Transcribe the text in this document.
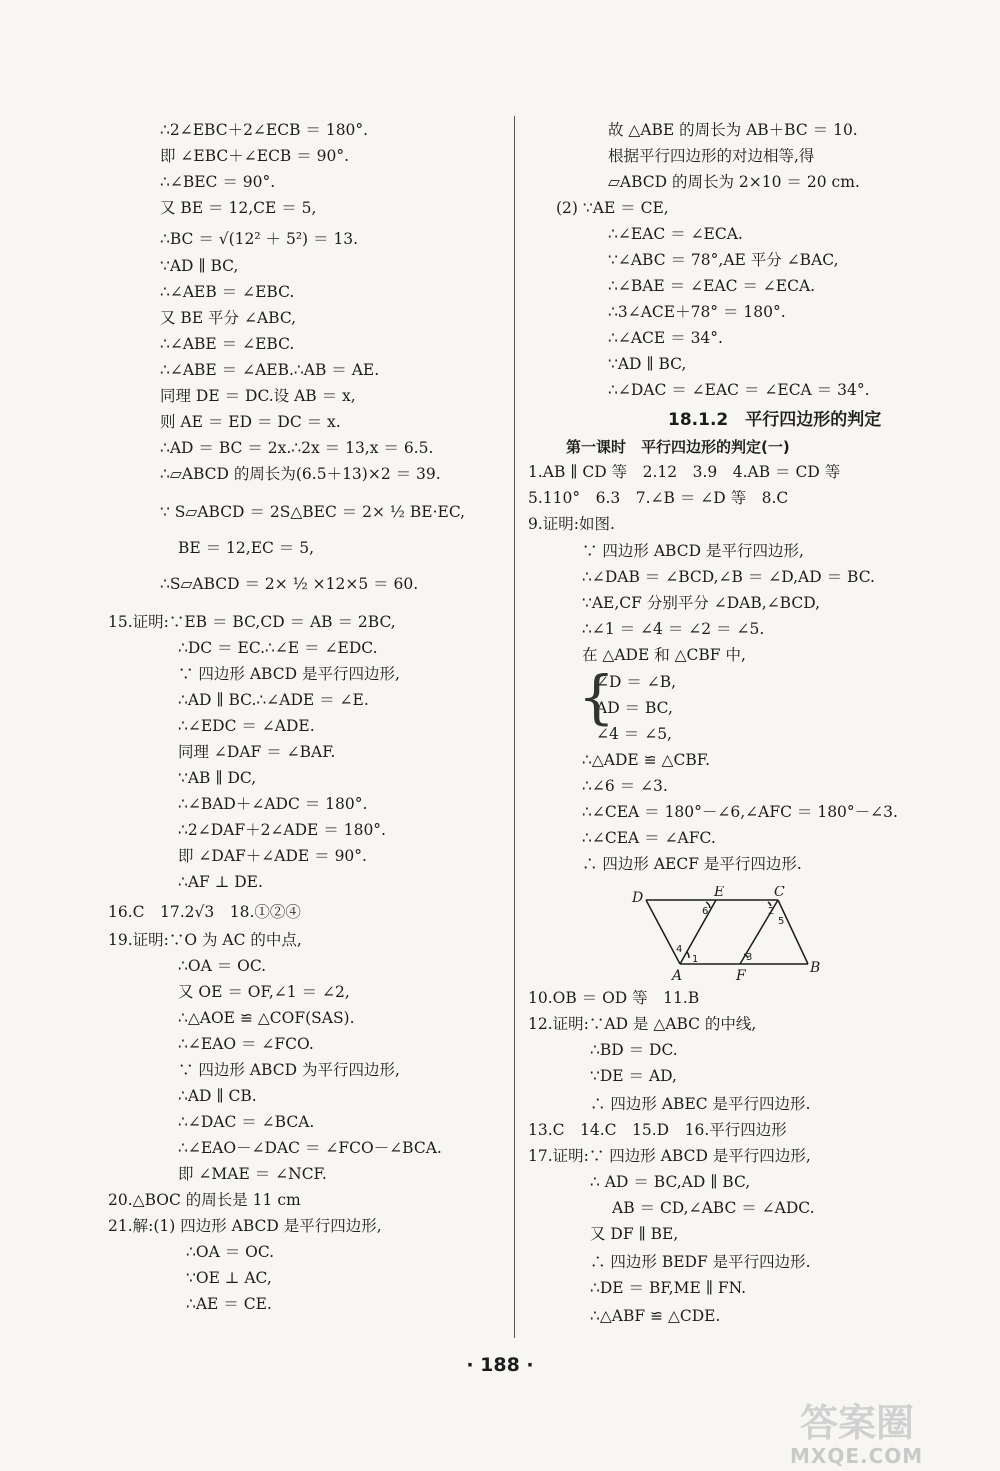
∴2∠EBC＋2∠ECB ＝ 180°.
即 ∠EBC＋∠ECB ＝ 90°.
∴∠BEC ＝ 90°.
又 BE ＝ 12,CE ＝ 5,
∴BC ＝ √(12² ＋ 5²) ＝ 13.
∵AD ∥ BC,
∴∠AEB ＝ ∠EBC.
又 BE 平分 ∠ABC,
∴∠ABE ＝ ∠EBC.
∴∠ABE ＝ ∠AEB.∴AB ＝ AE.
同理 DE ＝ DC.设 AB ＝ x,
则 AE ＝ ED ＝ DC ＝ x.
∴AD ＝ BC ＝ 2x.∴2x ＝ 13,x ＝ 6.5.
∴▱ABCD 的周长为(6.5＋13)×2 ＝ 39.
∵ S▱ABCD ＝ 2S△BEC ＝ 2× ½ BE·EC,
BE ＝ 12,EC ＝ 5,
∴S▱ABCD ＝ 2× ½ ×12×5 ＝ 60.
15.证明:∵EB ＝ BC,CD ＝ AB ＝ 2BC,
∴DC ＝ EC.∴∠E ＝ ∠EDC.
∵ 四边形 ABCD 是平行四边形,
∴AD ∥ BC.∴∠ADE ＝ ∠E.
∴∠EDC ＝ ∠ADE.
同理 ∠DAF ＝ ∠BAF.
∵AB ∥ DC,
∴∠BAD＋∠ADC ＝ 180°.
∴2∠DAF＋2∠ADE ＝ 180°.
即 ∠DAF＋∠ADE ＝ 90°.
∴AF ⊥ DE.
16.C　17.2√3　18.①②④
19.证明:∵O 为 AC 的中点,
∴OA ＝ OC.
又 OE ＝ OF,∠1 ＝ ∠2,
∴△AOE ≌ △COF(SAS).
∴∠EAO ＝ ∠FCO.
∵ 四边形 ABCD 为平行四边形,
∴AD ∥ CB.
∴∠DAC ＝ ∠BCA.
∴∠EAO－∠DAC ＝ ∠FCO－∠BCA.
即 ∠MAE ＝ ∠NCF.
20.△BOC 的周长是 11 cm
21.解:(1) 四边形 ABCD 是平行四边形,
∴OA ＝ OC.
∵OE ⊥ AC,
∴AE ＝ CE.
故 △ABE 的周长为 AB＋BC ＝ 10.
根据平行四边形的对边相等,得
▱ABCD 的周长为 2×10 ＝ 20 cm.
(2) ∵AE ＝ CE,
∴∠EAC ＝ ∠ECA.
∵∠ABC ＝ 78°,AE 平分 ∠BAC,
∴∠BAE ＝ ∠EAC ＝ ∠ECA.
∴3∠ACE＋78° ＝ 180°.
∴∠ACE ＝ 34°.
∵AD ∥ BC,
∴∠DAC ＝ ∠EAC ＝ ∠ECA ＝ 34°.
1.AB ∥ CD 等　2.12　3.9　4.AB ＝ CD 等
5.110°　6.3　7.∠B ＝ ∠D 等　8.C
9.证明:如图.
∵ 四边形 ABCD 是平行四边形,
∴∠DAB ＝ ∠BCD,∠B ＝ ∠D,AD ＝ BC.
∵AE,CF 分别平分 ∠DAB,∠BCD,
∴∠1 ＝ ∠4 ＝ ∠2 ＝ ∠5.
在 △ADE 和 △CBF 中,
∠D ＝ ∠B,
AD ＝ BC,
∠4 ＝ ∠5,
∴△ADE ≌ △CBF.
∴∠6 ＝ ∠3.
∴∠CEA ＝ 180°－∠6,∠AFC ＝ 180°－∠3.
∴∠CEA ＝ ∠AFC.
∴ 四边形 AECF 是平行四边形.
10.OB ＝ OD 等　11.B
12.证明:∵AD 是 △ABC 的中线,
∴BD ＝ DC.
∵DE ＝ AD,
∴ 四边形 ABEC 是平行四边形.
13.C　14.C　15.D　16.平行四边形
17.证明:∵ 四边形 ABCD 是平行四边形,
∴ AD ＝ BC,AD ∥ BC,
AB ＝ CD,∠ABC ＝ ∠ADC.
又 DF ∥ BE,
∴ 四边形 BEDF 是平行四边形.
∴DE ＝ BF,ME ∥ FN.
∴△ABF ≌ △CDE.
18.1.2　平行四边形的判定
第一课时　平行四边形的判定(一)
{
D	E	C
A	F	B
1
2
3
4
5
6
· 188 ·
答案圈
MXQE.COM
